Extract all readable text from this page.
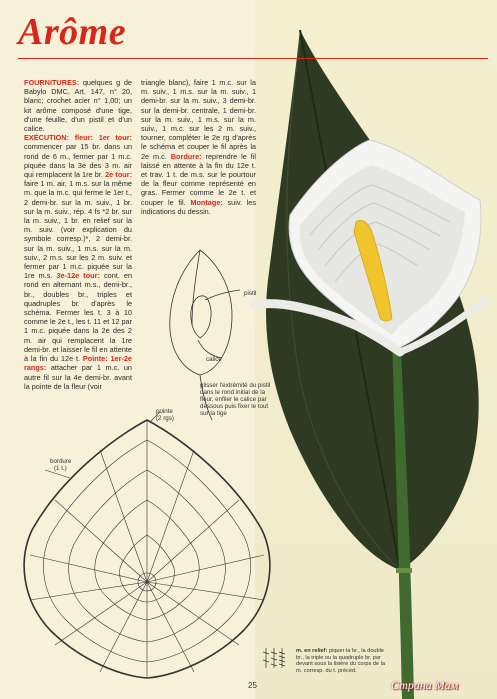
Arôme
FOURNITURES: quelques g de Babylo DMC, Art. 147, n° 20, blanc; crochet acier n° 1,00; un kit arôme composé d'une tige, d'une feuille, d'un pistil et d'un calice.
EXÉCUTION: fleur: 1er tour: commencer par 15 br. dans un rond de 6 m., fermer par 1 m.c. piquée dans la 3e des 3 m. air qui remplacent la 1re br. 2e tour: faire 1 m. air, 1 m.s. sur la même m. que la m.c. qui ferme le 1er t., 2 demi-br. sur la m. suiv., 1 br. sur la m. suiv., rép. 4 fs *2 br. sur la m. suiv., 1 br. en relief sur la m. suiv. (voir explication du symbole corresp.)*, 2 demi-br. sur la m. suiv., 1 m.s. sur la m. suiv., 2 m.s. sur les 2 m. suiv. et fermer par 1 m.c. piquée sur la 1re m.s. 3e-12e tour: cont. en rond en alternant m.s., demi-br., br., doubles br., triples et quadruples br. d'après le schéma. Fermer les t. 3 à 10 comme le 2e t., les t. 11 et 12 par 1 m.c. piquée dans la 2e des 2 m. air qui remplacent la 1re demi-br. et laisser le fil en attente à la fin du 12e t. Pointe: 1er-2e rangs: attacher par 1 m.c. un autre fil sur la 4e demi-br. avant la pointe de la fleur (voir
triangle blanc), faire 1 m.c. sur la m. suiv., 1 m.s. sur la m. suiv., 1 demi-br. sur la m. suiv., 3 demi-br. sur la demi-br. centrale, 1 demi-br. sur la m. suiv., 1 m.s. sur la m. suiv., 1 m.c. sur les 2 m. suiv., tourner, compléter le 2e rg d'après le schéma et couper le fil après la 2e m.c. Bordure: reprendre le fil laissé en attente à la fin du 12e t. et trav. 1 t. de m.s. sur le pourtour de la fleur comme représenté en gras. Fermer comme le 2e t. et couper le fil. Montage: suiv. les indications du dessin.
pistil
calice
glisser l'extrémité du pistil dans le rond initial de la fleur, enfiler le calice par dessous puis fixer le tout sur la tige
pointe
(2 rgs)
bordure
(1 t.)
m. en relief: piquer la br., la double br., la triple ou la quadruple br. par devant sous la lisière du corps de la m. corresp. du t. précéd.
25	Страна Мам
